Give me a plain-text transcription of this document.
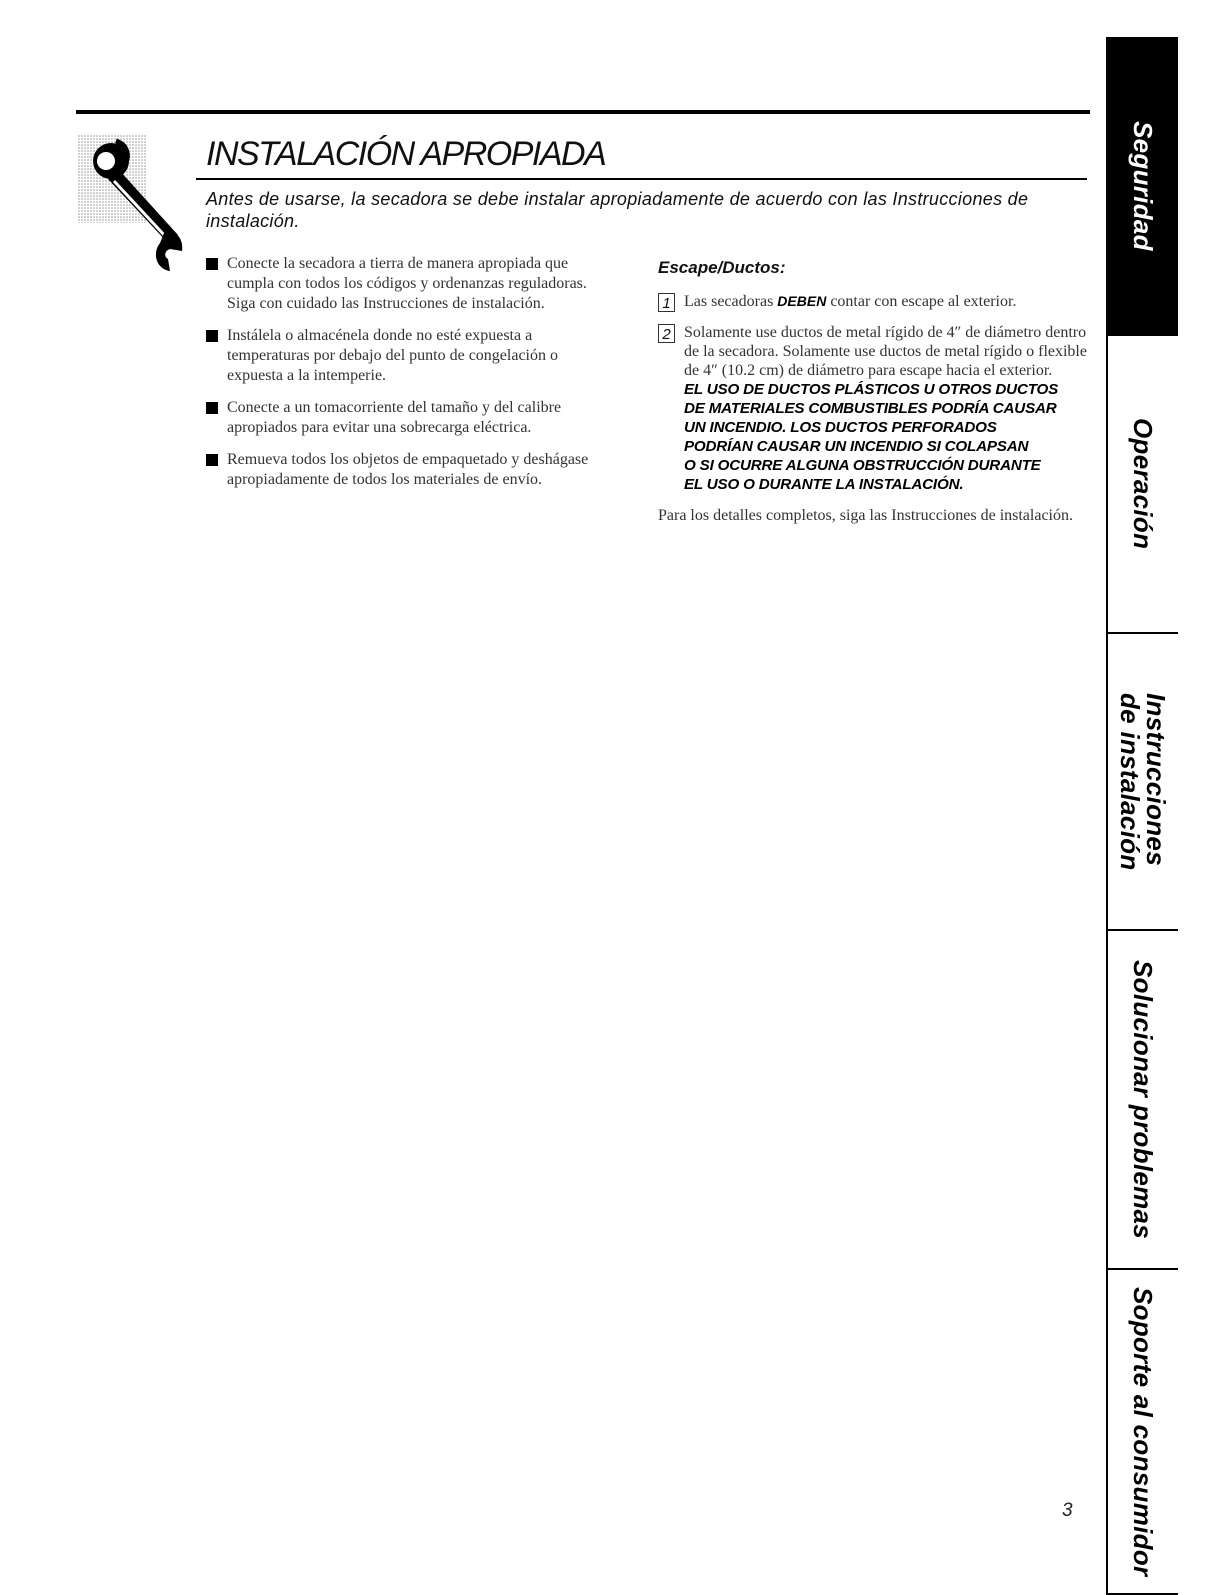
INSTALACIÓN APROPIADA

Antes de usarse, la secadora se debe instalar apropiadamente de acuerdo con las Instrucciones de instalación.

Conecte la secadora a tierra de manera apropiada que cumpla con todos los códigos y ordenanzas reguladoras. Siga con cuidado las Instrucciones de instalación.
Instálela o almacénela donde no esté expuesta a temperaturas por debajo del punto de congelación o expuesta a la intemperie.
Conecte a un tomacorriente del tamaño y del calibre apropiados para evitar una sobrecarga eléctrica.
Remueva todos los objetos de empaquetado y deshágase apropiadamente de todos los materiales de envío.
Escape/Ductos:
1 Las secadoras DEBEN contar con escape al exterior.
2 Solamente use ductos de metal rígido de 4″ de diámetro dentro de la secadora. Solamente use ductos de metal rígido o flexible de 4″ (10.2 cm) de diámetro para escape hacia el exterior.
EL USO DE DUCTOS PLÁSTICOS U OTROS DUCTOS
DE MATERIALES COMBUSTIBLES PODRÍA CAUSAR
UN INCENDIO. LOS DUCTOS PERFORADOS
PODRÍAN CAUSAR UN INCENDIO SI COLAPSAN
O SI OCURRE ALGUNA OBSTRUCCIÓN DURANTE
EL USO O DURANTE LA INSTALACIÓN.

Para los detalles completos, siga las Instrucciones de instalación.

3
Seguridad
Operación
Instrucciones
de instalación
Solucionar problemas
Soporte al consumidor
